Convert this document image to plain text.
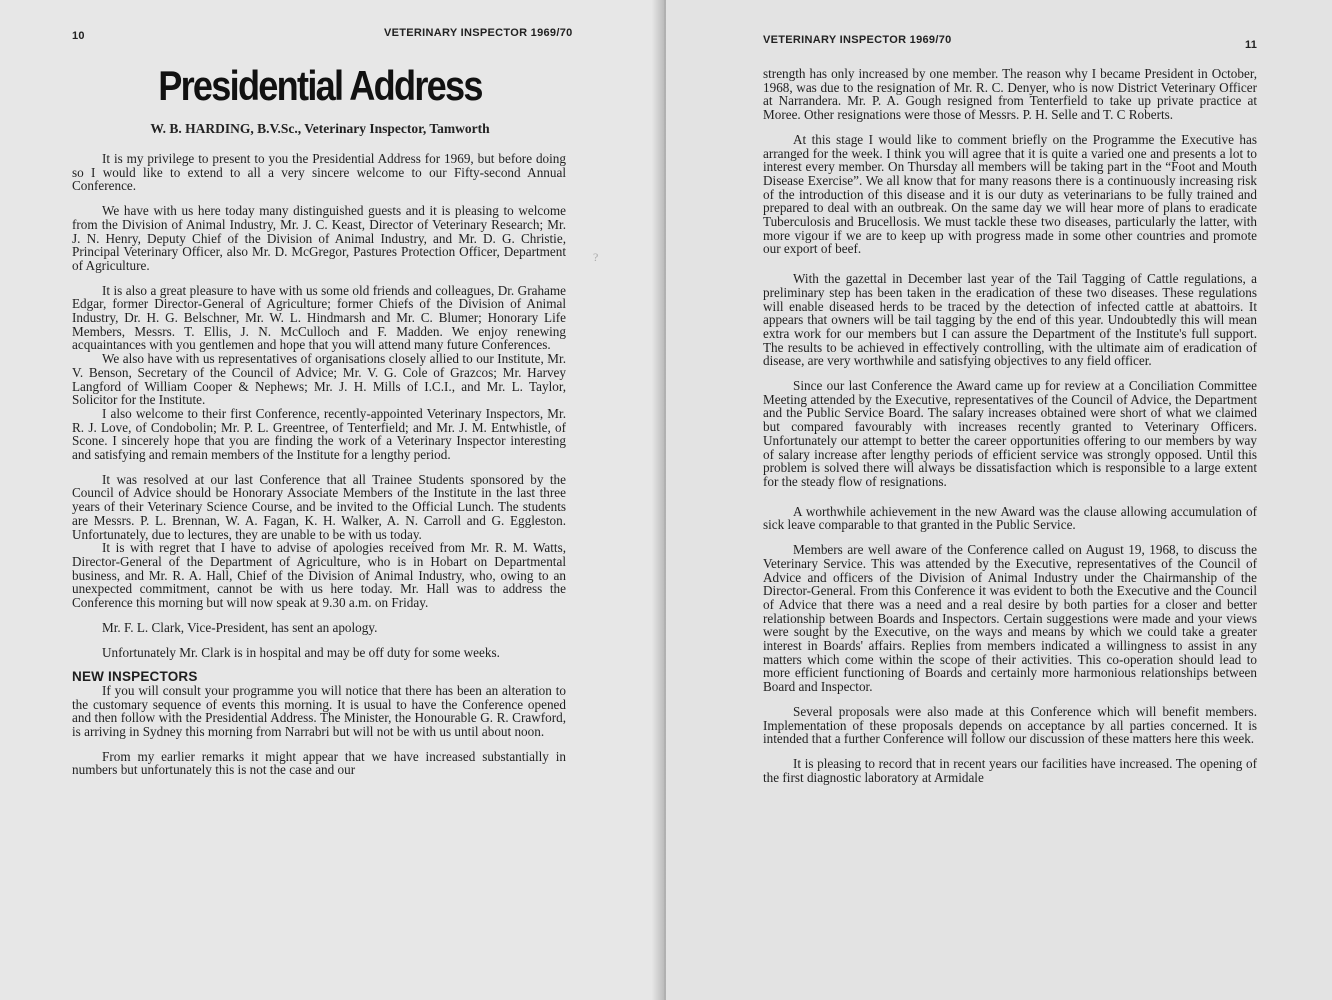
10	VETERINARY INSPECTOR 1969/70
Presidential Address
W. B. HARDING, B.V.Sc., Veterinary Inspector, Tamworth

It is my privilege to present to you the Presidential Address for 1969, but before doing so I would like to extend to all a very sincere welcome to our Fifty-second Annual Conference.

We have with us here today many distinguished guests and it is pleasing to welcome from the Division of Animal Industry, Mr. J. C. Keast, Director of Veterinary Research; Mr. J. N. Henry, Deputy Chief of the Division of Animal Industry, and Mr. D. G. Christie, Principal Veterinary Officer, also Mr. D. McGregor, Pastures Protection Officer, Department of Agriculture.

It is also a great pleasure to have with us some old friends and colleagues, Dr. Grahame Edgar, former Director-General of Agriculture; former Chiefs of the Division of Animal Industry, Dr. H. G. Belschner, Mr. W. L. Hindmarsh and Mr. C. Blumer; Honorary Life Members, Messrs. T. Ellis, J. N. McCulloch and F. Madden. We enjoy renewing acquaintances with you gentlemen and hope that you will attend many future Conferences.

We also have with us representatives of organisations closely allied to our Institute, Mr. V. Benson, Secretary of the Council of Advice; Mr. V. G. Cole of Grazcos; Mr. Harvey Langford of William Cooper & Nephews; Mr. J. H. Mills of I.C.I., and Mr. L. Taylor, Solicitor for the Institute.

I also welcome to their first Conference, recently-appointed Veterinary Inspectors, Mr. R. J. Love, of Condobolin; Mr. P. L. Greentree, of Tenterfield; and Mr. J. M. Entwhistle, of Scone. I sincerely hope that you are finding the work of a Veterinary Inspector interesting and satisfying and remain members of the Institute for a lengthy period.

It was resolved at our last Conference that all Trainee Students sponsored by the Council of Advice should be Honorary Associate Members of the Institute in the last three years of their Veterinary Science Course, and be invited to the Official Lunch. The students are Messrs. P. L. Brennan, W. A. Fagan, K. H. Walker, A. N. Carroll and G. Eggleston. Unfortunately, due to lectures, they are unable to be with us today.

It is with regret that I have to advise of apologies received from Mr. R. M. Watts, Director-General of the Department of Agriculture, who is in Hobart on Departmental business, and Mr. R. A. Hall, Chief of the Division of Animal Industry, who, owing to an unexpected commitment, cannot be with us here today. Mr. Hall was to address the Conference this morning but will now speak at 9.30 a.m. on Friday.

Mr. F. L. Clark, Vice-President, has sent an apology.

Unfortunately Mr. Clark is in hospital and may be off duty for some weeks.

NEW INSPECTORS

If you will consult your programme you will notice that there has been an alteration to the customary sequence of events this morning. It is usual to have the Conference opened and then follow with the Presidential Address. The Minister, the Honourable G. R. Crawford, is arriving in Sydney this morning from Narrabri but will not be with us until about noon.

From my earlier remarks it might appear that we have increased substantially in numbers but unfortunately this is not the case and our

?
VETERINARY INSPECTOR 1969/70	11

strength has only increased by one member. The reason why I became President in October, 1968, was due to the resignation of Mr. R. C. Denyer, who is now District Veterinary Officer at Narrandera. Mr. P. A. Gough resigned from Tenterfield to take up private practice at Moree. Other resignations were those of Messrs. P. H. Selle and T. C Roberts.

At this stage I would like to comment briefly on the Programme the Executive has arranged for the week. I think you will agree that it is quite a varied one and presents a lot to interest every member. On Thursday all members will be taking part in the “Foot and Mouth Disease Exercise”. We all know that for many reasons there is a continuously increasing risk of the introduction of this disease and it is our duty as veterinarians to be fully trained and prepared to deal with an outbreak. On the same day we will hear more of plans to eradicate Tuberculosis and Brucellosis. We must tackle these two diseases, particularly the latter, with more vigour if we are to keep up with progress made in some other countries and promote our export of beef.

With the gazettal in December last year of the Tail Tagging of Cattle regulations, a preliminary step has been taken in the eradication of these two diseases. These regulations will enable diseased herds to be traced by the detection of infected cattle at abattoirs. It appears that owners will be tail tagging by the end of this year. Undoubtedly this will mean extra work for our members but I can assure the Department of the Institute's full support. The results to be achieved in effectively controlling, with the ultimate aim of eradication of disease, are very worthwhile and satisfying objectives to any field officer.

Since our last Conference the Award came up for review at a Conciliation Committee Meeting attended by the Executive, representatives of the Council of Advice, the Department and the Public Service Board. The salary increases obtained were short of what we claimed but compared favourably with increases recently granted to Veterinary Officers. Unfortunately our attempt to better the career opportunities offering to our members by way of salary increase after lengthy periods of efficient service was strongly opposed. Until this problem is solved there will always be dissatisfaction which is responsible to a large extent for the steady flow of resignations.

A worthwhile achievement in the new Award was the clause allowing accumulation of sick leave comparable to that granted in the Public Service.

Members are well aware of the Conference called on August 19, 1968, to discuss the Veterinary Service. This was attended by the Executive, representatives of the Council of Advice and officers of the Division of Animal Industry under the Chairmanship of the Director-General. From this Conference it was evident to both the Executive and the Council of Advice that there was a need and a real desire by both parties for a closer and better relationship between Boards and Inspectors. Certain suggestions were made and your views were sought by the Executive, on the ways and means by which we could take a greater interest in Boards' affairs. Replies from members indicated a willingness to assist in any matters which come within the scope of their activities. This co-operation should lead to more efficient functioning of Boards and certainly more harmonious relationships between Board and Inspector.

Several proposals were also made at this Conference which will benefit members. Implementation of these proposals depends on acceptance by all parties concerned. It is intended that a further Conference will follow our discussion of these matters here this week.

It is pleasing to record that in recent years our facilities have increased. The opening of the first diagnostic laboratory at Armidale
